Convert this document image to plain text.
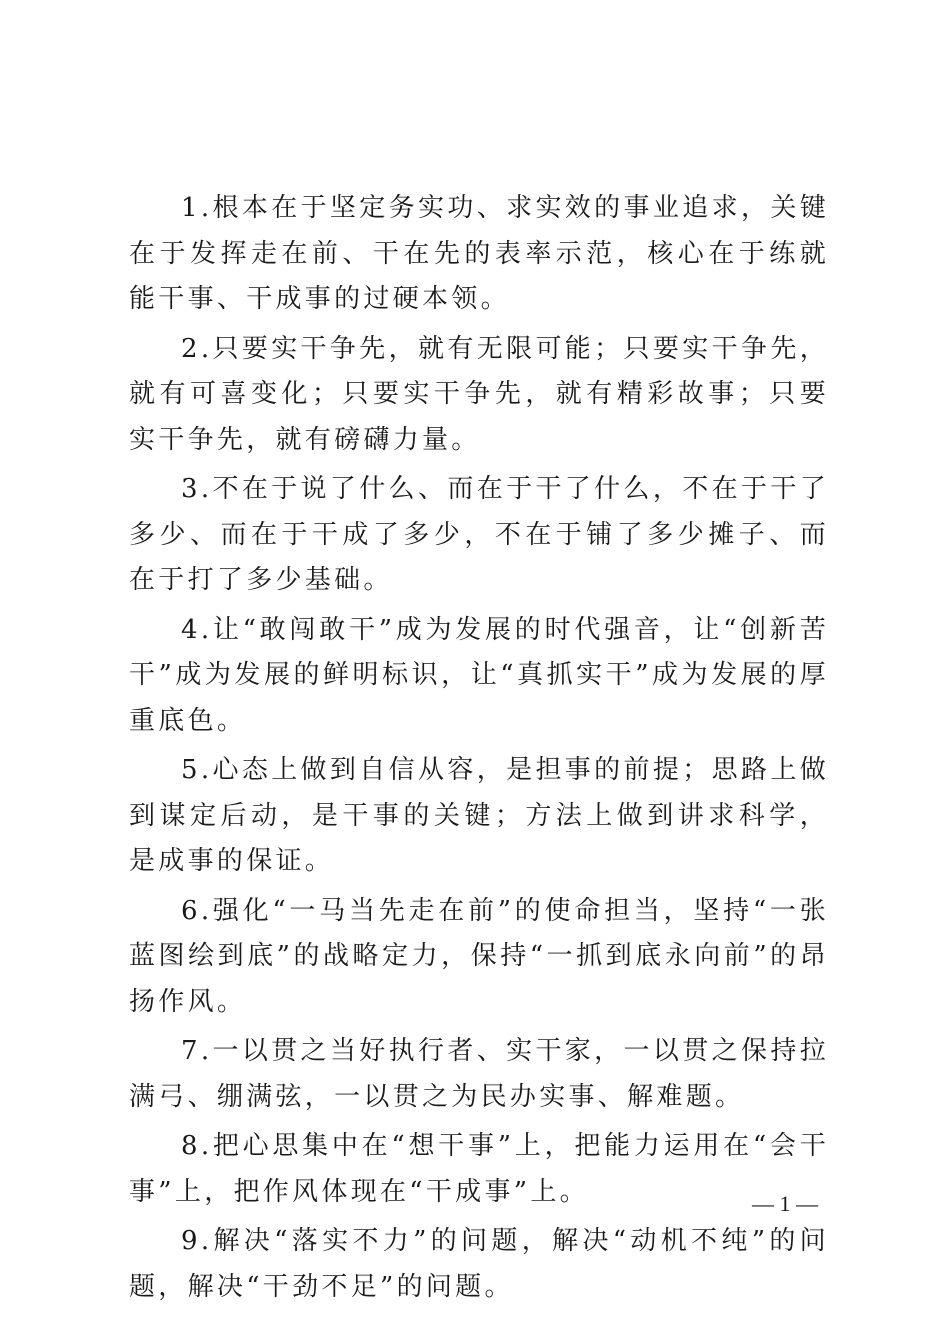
1.根本在于坚定务实功、求实效的事业追求，关键在于发挥走在前、干在先的表率示范，核心在于练就能干事、干成事的过硬本领。

2.只要实干争先，就有无限可能；只要实干争先，就有可喜变化；只要实干争先，就有精彩故事；只要实干争先，就有磅礴力量。

3.不在于说了什么、而在于干了什么，不在于干了多少、而在于干成了多少，不在于铺了多少摊子、而在于打了多少基础。

4.让“敢闯敢干”成为发展的时代强音，让“创新苦干”成为发展的鲜明标识，让“真抓实干”成为发展的厚重底色。

5.心态上做到自信从容，是担事的前提；思路上做到谋定后动，是干事的关键；方法上做到讲求科学，是成事的保证。

6.强化“一马当先走在前”的使命担当，坚持“一张蓝图绘到底”的战略定力，保持“一抓到底永向前”的昂扬作风。

7.一以贯之当好执行者、实干家，一以贯之保持拉满弓、绷满弦，一以贯之为民办实事、解难题。

8.把心思集中在“想干事”上，把能力运用在“会干事”上，把作风体现在“干成事”上。

9.解决“落实不力”的问题，解决“动机不纯”的问题，解决“干劲不足”的问题。

— 1 —
